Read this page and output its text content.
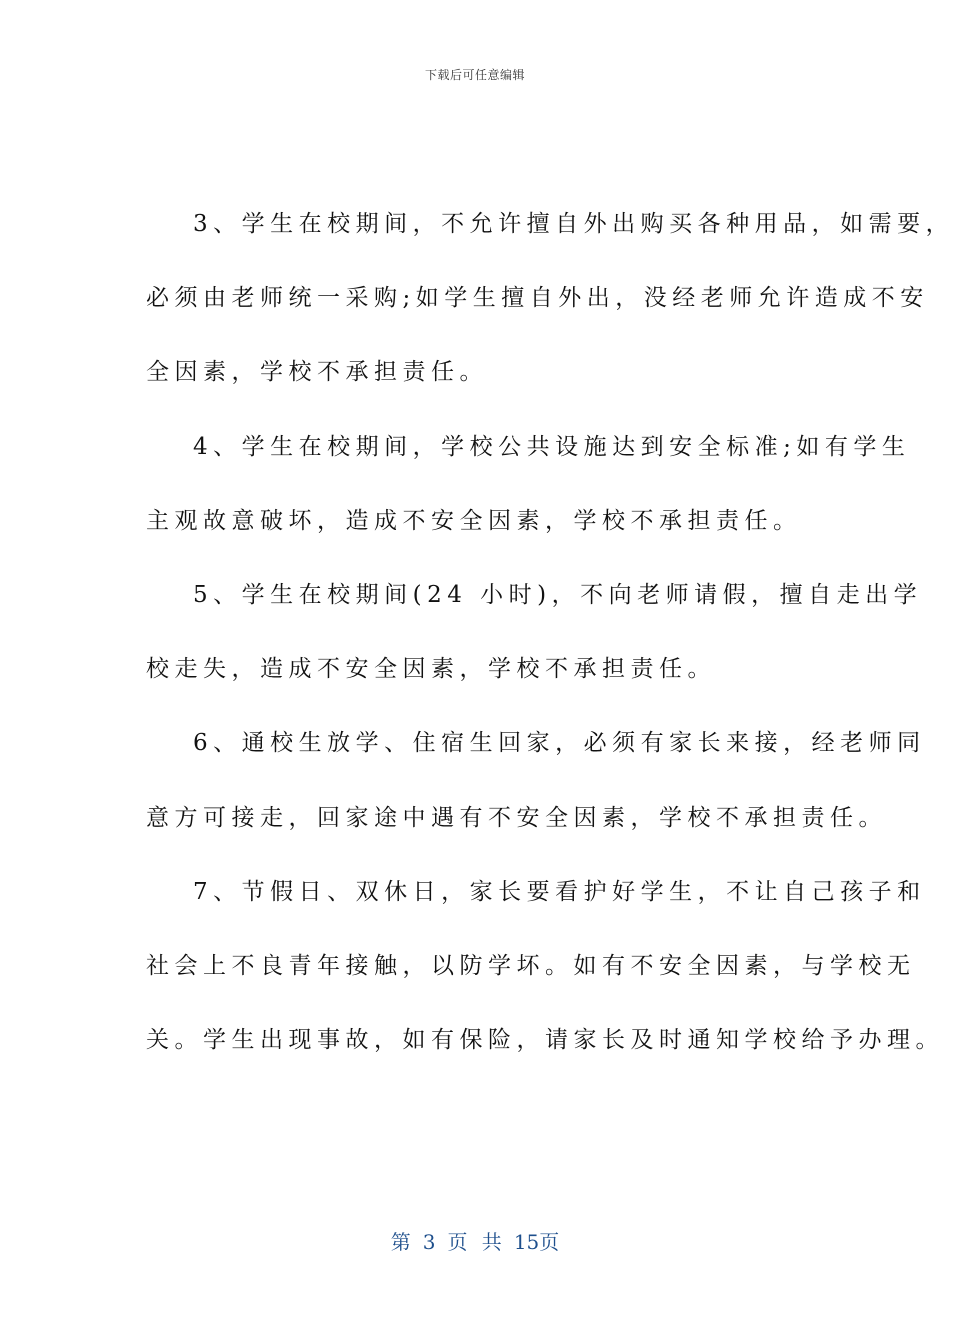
下载后可任意编辑
3、学生在校期间，不允许擅自外出购买各种用品，如需要，
必须由老师统一采购;如学生擅自外出，没经老师允许造成不安
全因素，学校不承担责任。
4、学生在校期间，学校公共设施达到安全标准;如有学生
主观故意破坏，造成不安全因素，学校不承担责任。
5、学生在校期间(24 小时)，不向老师请假，擅自走出学
校走失，造成不安全因素，学校不承担责任。
6、通校生放学、住宿生回家，必须有家长来接，经老师同
意方可接走，回家途中遇有不安全因素，学校不承担责任。
7、节假日、双休日，家长要看护好学生，不让自己孩子和
社会上不良青年接触，以防学坏。如有不安全因素，与学校无
关。学生出现事故，如有保险，请家长及时通知学校给予办理。
第 3 页 共 15页
